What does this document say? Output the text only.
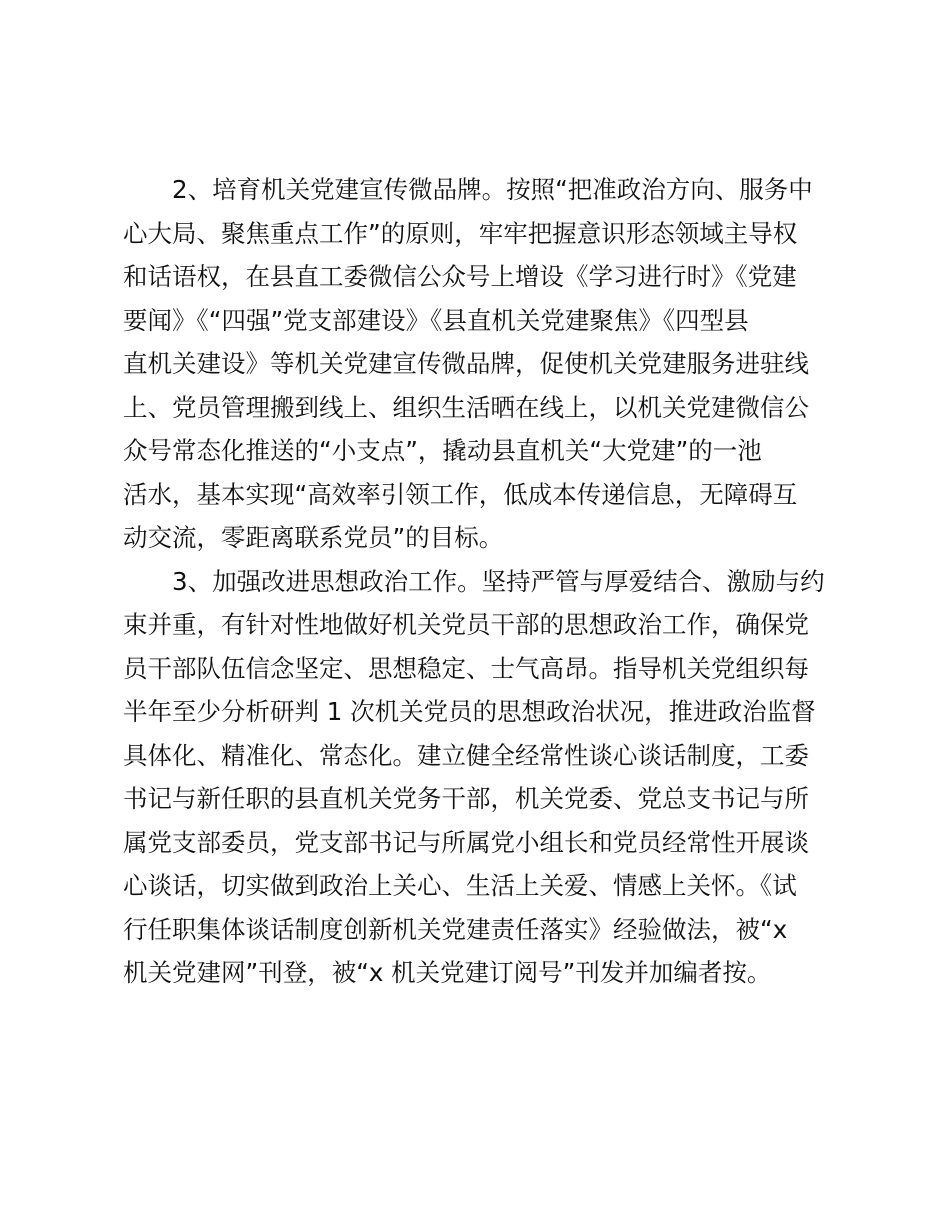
2、培育机关党建宣传微品牌。按照“把准政治方向、服务中
心大局、聚焦重点工作”的原则，牢牢把握意识形态领域主导权
和话语权，在县直工委微信公众号上增设《学习进行时》《党建
要闻》《“四强”党支部建设》《县直机关党建聚焦》《四型县
直机关建设》等机关党建宣传微品牌，促使机关党建服务进驻线
上、党员管理搬到线上、组织生活晒在线上，以机关党建微信公
众号常态化推送的“小支点”，撬动县直机关“大党建”的一池
活水，基本实现“高效率引领工作，低成本传递信息，无障碍互
动交流，零距离联系党员”的目标。
3、加强改进思想政治工作。坚持严管与厚爱结合、激励与约
束并重，有针对性地做好机关党员干部的思想政治工作，确保党
员干部队伍信念坚定、思想稳定、士气高昂。指导机关党组织每
半年至少分析研判 1 次机关党员的思想政治状况，推进政治监督
具体化、精准化、常态化。建立健全经常性谈心谈话制度，工委
书记与新任职的县直机关党务干部，机关党委、党总支书记与所
属党支部委员，党支部书记与所属党小组长和党员经常性开展谈
心谈话，切实做到政治上关心、生活上关爱、情感上关怀。《试
行任职集体谈话制度创新机关党建责任落实》经验做法，被“x
机关党建网”刊登，被“x 机关党建订阅号”刊发并加编者按。
